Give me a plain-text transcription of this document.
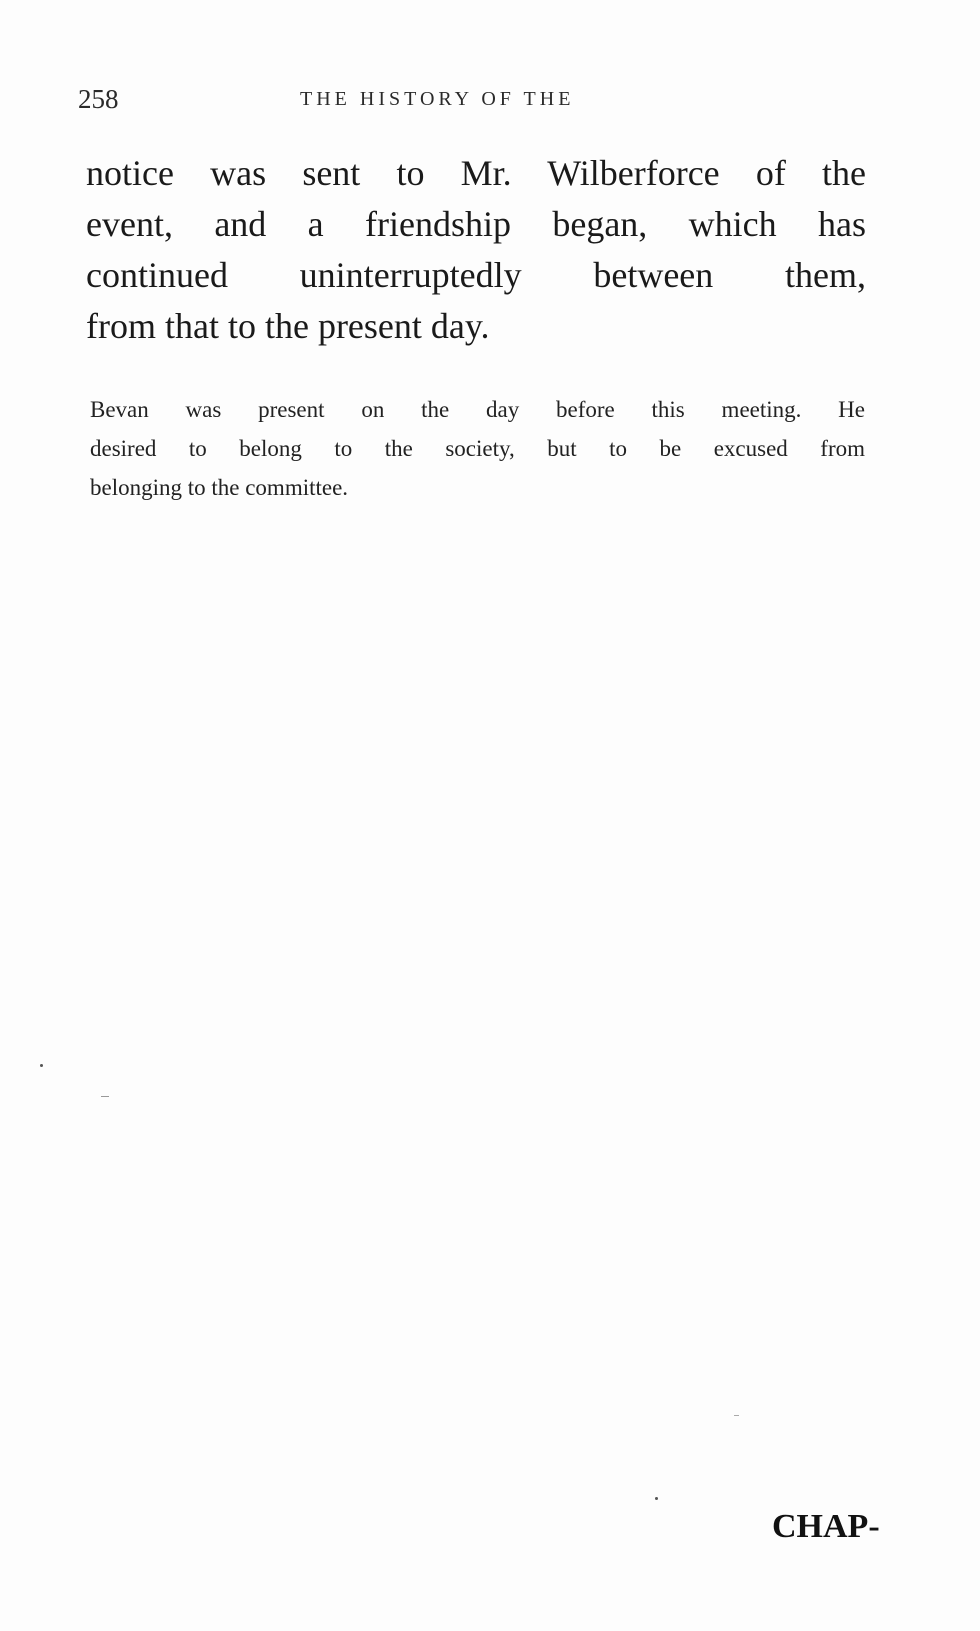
258	THE HISTORY OF THE
notice was sent to Mr. Wilberforce of the
event, and a friendship began, which has
continued uninterruptedly between them,
from that to the present day.
Bevan was present on the day before this meeting. He
desired to belong to the society, but to be excused from
belonging to the committee.
CHAP-
